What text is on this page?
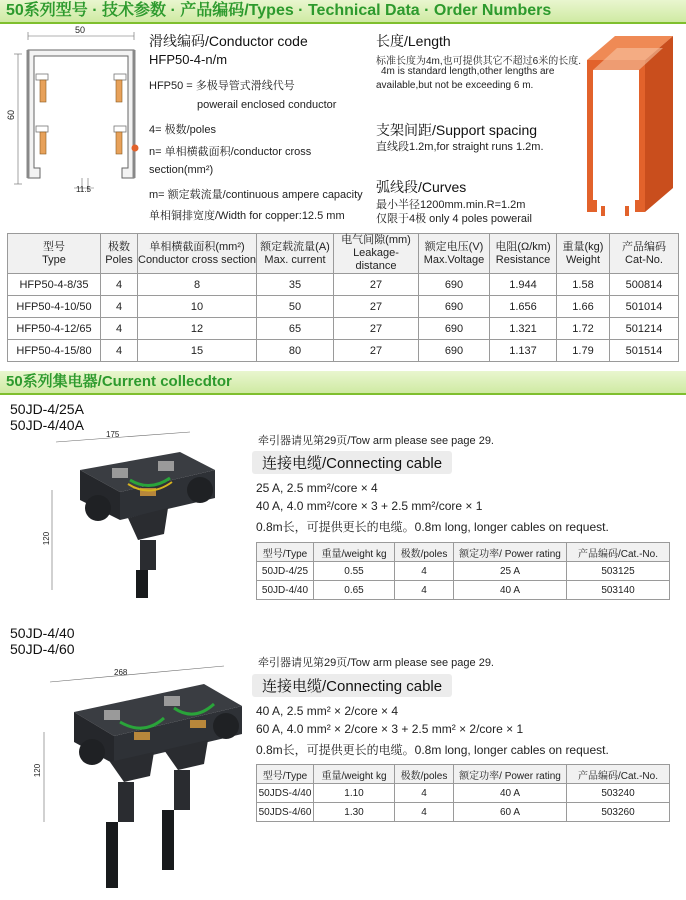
50系列型号 · 技术参数 · 产品编码/Types · Technical Data · Order Numbers
50
60
11.5
滑线编码/Conductor code
HFP50-4-n/m
HFP50 = 多极导管式滑线代号
powerail enclosed conductor
4= 极数/poles
n= 单相横截面积/conductor cross
section(mm²)
m= 额定载流量/continuous ampere capacity
单相铜排宽度/Width for copper:12.5 mm
长度/Length
标准长度为4m,也可提供其它不超过6米的长度.
4m is standard length,other lengths are
available,but not be exceeding 6 m.
支架间距/Support spacing
直线段1.2m,for straight runs 1.2m.
弧线段/Curves
最小半径1200mm.min.R=1.2m
仅限于4极 only 4 poles powerail
型号
Type	极数
Poles	单相横截面积(mm²)
Conductor cross section	额定载流量(A)
Max. current	电气间隙(mm)
Leakage-distance	额定电压(V)
Max.Voltage	电阻(Ω/km)
Resistance	重量(kg)
Weight	产品编码
Cat-No.
HFP50-4-8/35	4	8	35	27	690	1.944	1.58	500814
HFP50-4-10/50	4	10	50	27	690	1.656	1.66	501014
HFP50-4-12/65	4	12	65	27	690	1.321	1.72	501214
HFP50-4-15/80	4	15	80	27	690	1.137	1.79	501514
50系列集电器/Current collecdtor
50JD-4/25A
50JD-4/40A
175
120
牵引器请见第29页/Tow arm please see page 29.
连接电缆/Connecting cable
25 A, 2.5 mm²/core × 4
40 A, 4.0 mm²/core × 3 + 2.5 mm²/core × 1
0.8m长，可提供更长的电缆。0.8m long, longer cables on request.
型号/Type	重量/weight kg	极数/poles	额定功率/ Power rating	产品编码/Cat.-No.
50JD-4/25	0.55	4	25 A	503125
50JD-4/40	0.65	4	40 A	503140
50JD-4/40
50JD-4/60
268
120
牵引器请见第29页/Tow arm please see page 29.
连接电缆/Connecting cable
40 A, 2.5 mm² × 2/core × 4
60 A, 4.0 mm² × 2/core × 3 + 2.5 mm² × 2/core × 1
0.8m长，可提供更长的电缆。0.8m long, longer cables on request.
型号/Type	重量/weight kg	极数/poles	额定功率/ Power rating	产品编码/Cat.-No.
50JDS-4/40	1.10	4	40 A	503240
50JDS-4/60	1.30	4	60 A	503260
